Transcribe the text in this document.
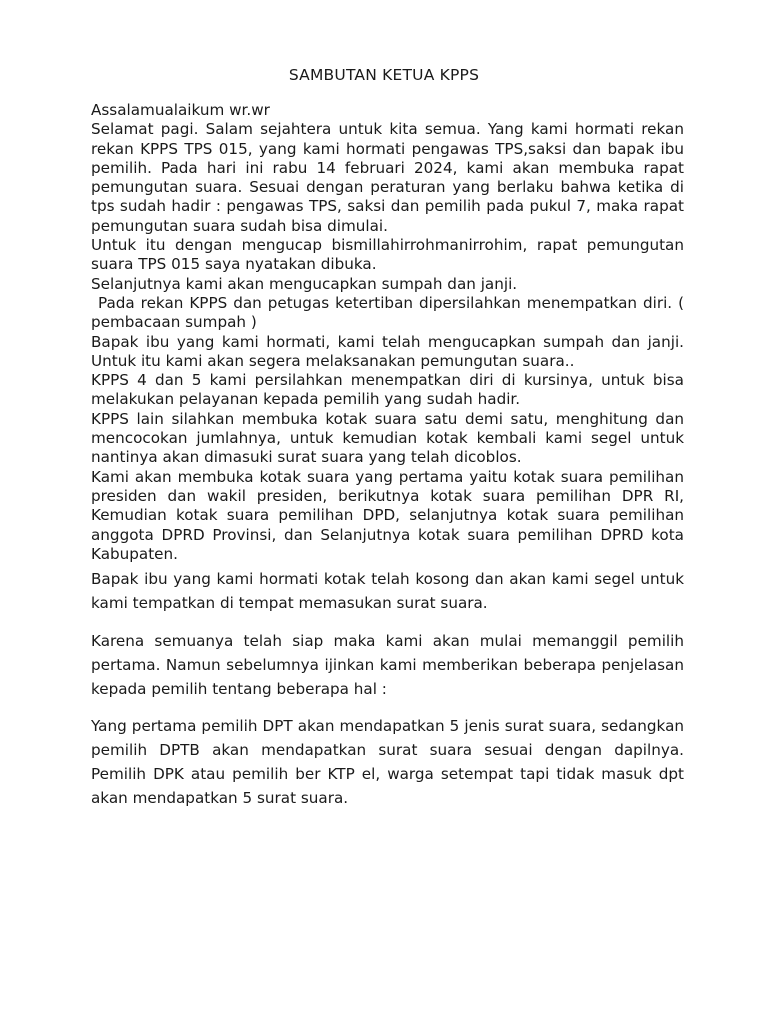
SAMBUTAN KETUA KPPS

Assalamualaikum wr.wr

Selamat pagi. Salam sejahtera untuk kita semua. Yang kami hormati rekan rekan KPPS TPS 015, yang kami hormati pengawas TPS,saksi dan bapak ibu pemilih. Pada hari ini rabu 14 februari 2024, kami akan membuka rapat pemungutan suara. Sesuai dengan peraturan yang berlaku bahwa ketika di tps sudah hadir : pengawas TPS, saksi dan pemilih pada pukul 7, maka rapat pemungutan suara sudah bisa dimulai.

Untuk itu dengan mengucap bismillahirrohmanirrohim, rapat pemungutan suara TPS 015 saya nyatakan dibuka.

Selanjutnya kami akan mengucapkan sumpah dan janji.

Pada rekan KPPS dan petugas ketertiban dipersilahkan menempatkan diri. ( pembacaan sumpah )

Bapak ibu yang kami hormati, kami telah mengucapkan sumpah dan janji. Untuk itu kami akan segera melaksanakan pemungutan suara..

KPPS 4 dan 5 kami persilahkan menempatkan diri di kursinya, untuk bisa melakukan pelayanan kepada pemilih yang sudah hadir.

KPPS lain silahkan membuka kotak suara satu demi satu, menghitung dan mencocokan jumlahnya, untuk kemudian kotak kembali kami segel untuk nantinya akan dimasuki surat suara yang telah dicoblos.

Kami akan membuka kotak suara yang pertama yaitu kotak suara pemilihan presiden dan wakil presiden, berikutnya kotak suara pemilihan DPR RI, Kemudian kotak suara pemilihan DPD, selanjutnya kotak suara pemilihan anggota DPRD Provinsi, dan Selanjutnya kotak suara pemilihan DPRD kota Kabupaten.

Bapak ibu yang kami hormati kotak telah kosong dan akan kami segel untuk kami tempatkan di tempat memasukan surat suara.

Karena semuanya telah siap maka kami akan mulai memanggil pemilih pertama. Namun sebelumnya ijinkan kami memberikan beberapa penjelasan kepada pemilih tentang beberapa hal :

Yang pertama pemilih DPT akan mendapatkan 5 jenis surat suara, sedangkan pemilih DPTB akan mendapatkan surat suara sesuai dengan dapilnya. Pemilih DPK atau pemilih ber KTP el, warga setempat tapi tidak masuk dpt akan mendapatkan 5 surat suara.
